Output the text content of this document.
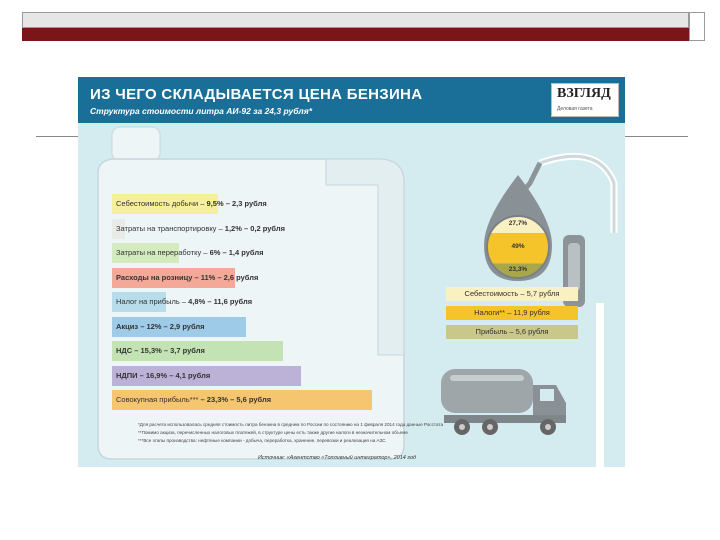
ИЗ ЧЕГО СКЛАДЫВАЕТСЯ ЦЕНА БЕНЗИНА
Структура стоимости литра АИ-92 за 24,3 рубля*
ВЗГЛЯД
Деловая газета
Себестоимость добычи – 9,5% – 2,3 рубля
Затраты на транспортировку – 1,2% – 0,2 рубля
Затраты на переработку – 6% – 1,4 рубля
Расходы на розницу – 11% – 2,6 рубля
Налог на прибыль – 4,8% – 11,6 рубля
Акциз – 12% – 2,9 рубля
НДС – 15,3% – 3,7 рубля
НДПИ – 16,9% – 4,1 рубля
Совокупная прибыль*** – 23,3% – 5,6 рубля
27,7%
49%
23,3%
Себестоимость – 5,7 рубля
Налоги** – 11,9 рубля
Прибыль – 5,6 рубля
*Для расчета использовалась средняя стоимость литра бензина в среднем по России по состоянию на 1 февраля 2014 года данные Росстата
**Помимо акциза, перечисленных налоговых платежей, в структуре цены есть также другие налоги в незначительном объеме
***Все этапы производства: нефтяные компании - добыча, переработка, хранение, перевозки и реализация на АЗС
Источник: «Агентство «Топливный интегратор», 2014 год
